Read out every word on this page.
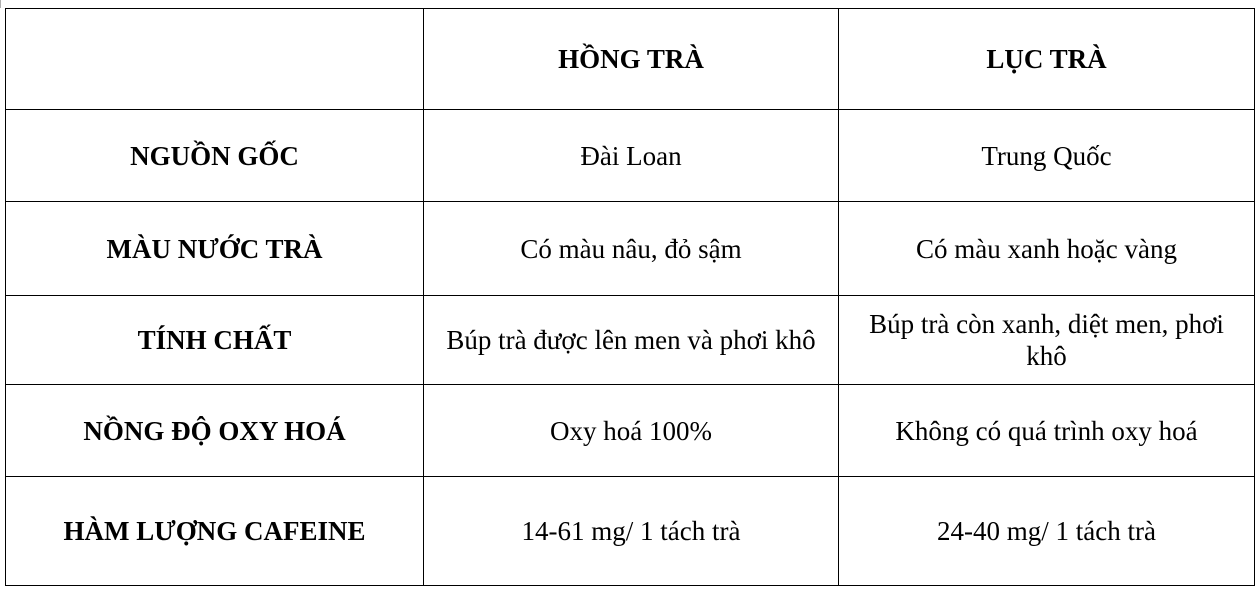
	HỒNG TRÀ	LỤC TRÀ
NGUỒN GỐC	Đài Loan	Trung Quốc
MÀU NƯỚC TRÀ	Có màu nâu, đỏ sậm	Có màu xanh hoặc vàng
TÍNH CHẤT	Búp trà được lên men và phơi khô	Búp trà còn xanh, diệt men, phơi khô
NỒNG ĐỘ OXY HOÁ	Oxy hoá 100%	Không có quá trình oxy hoá
HÀM LƯỢNG CAFEINE	14-61 mg/ 1 tách trà	24-40 mg/ 1 tách trà
